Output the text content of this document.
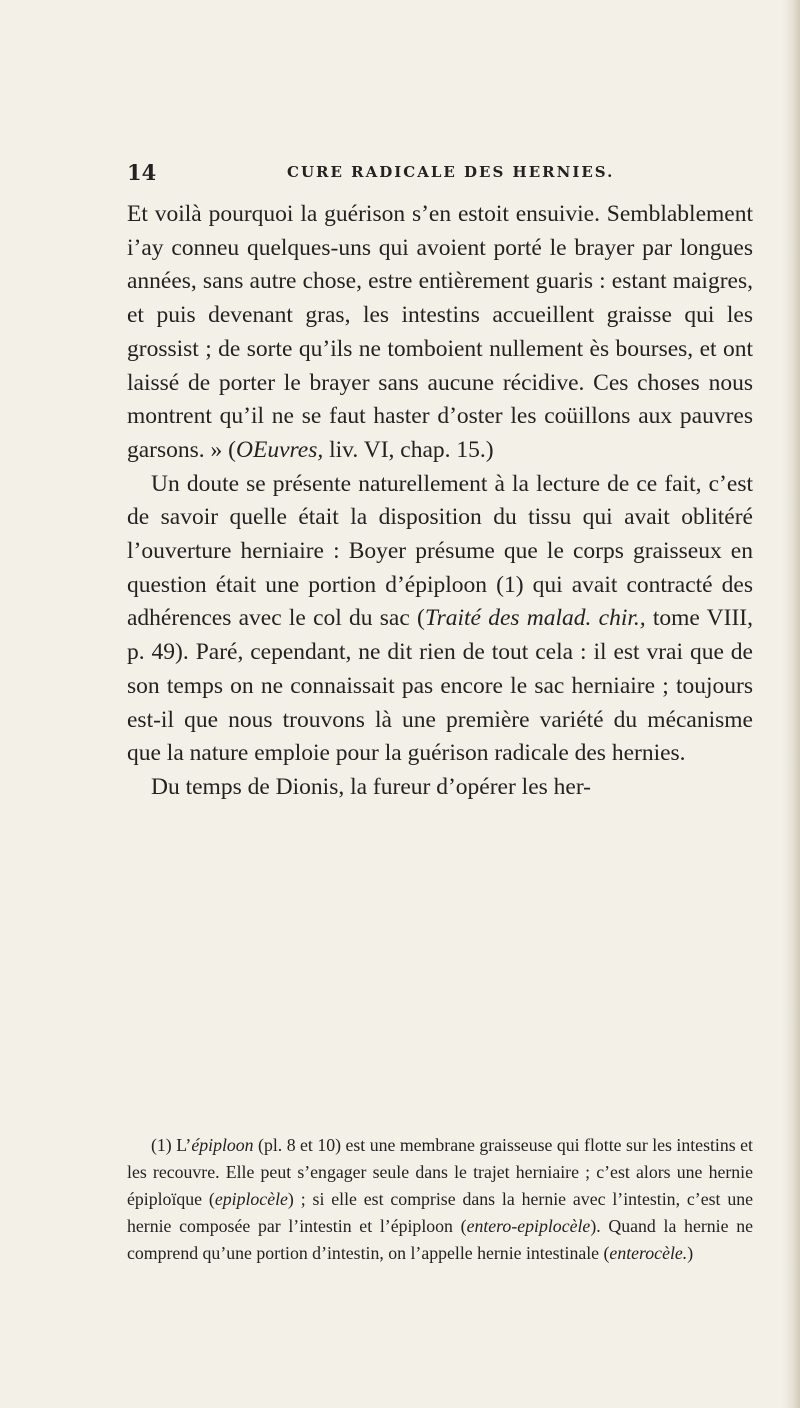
14	CURE RADICALE DES HERNIES.

Et voilà pourquoi la guérison s’en estoit ensuivie. Semblablement i’ay conneu quelques-uns qui avoient porté le brayer par longues années, sans autre chose, estre entièrement guaris : estant maigres, et puis devenant gras, les intestins accueillent graisse qui les grossist ; de sorte qu’ils ne tomboient nullement ès bourses, et ont laissé de porter le brayer sans aucune récidive. Ces choses nous montrent qu’il ne se faut haster d’oster les coüillons aux pauvres garsons. » (OEuvres, liv. VI, chap. 15.)

Un doute se présente naturellement à la lecture de ce fait, c’est de savoir quelle était la disposition du tissu qui avait oblitéré l’ouverture herniaire : Boyer présume que le corps graisseux en question était une portion d’épiploon (1) qui avait contracté des adhérences avec le col du sac (Traité des malad. chir., tome VIII, p. 49). Paré, cependant, ne dit rien de tout cela : il est vrai que de son temps on ne connaissait pas encore le sac herniaire ; toujours est-il que nous trouvons là une première variété du mécanisme que la nature emploie pour la guérison radicale des hernies.

Du temps de Dionis, la fureur d’opérer les her-

(1) L’épiploon (pl. 8 et 10) est une membrane graisseuse qui flotte sur les intestins et les recouvre. Elle peut s’engager seule dans le trajet herniaire ; c’est alors une hernie épiploïque (epiplocèle) ; si elle est comprise dans la hernie avec l’intestin, c’est une hernie composée par l’intestin et l’épiploon (entero-epiplocèle). Quand la hernie ne comprend qu’une portion d’intestin, on l’appelle hernie intestinale (enterocèle.)
